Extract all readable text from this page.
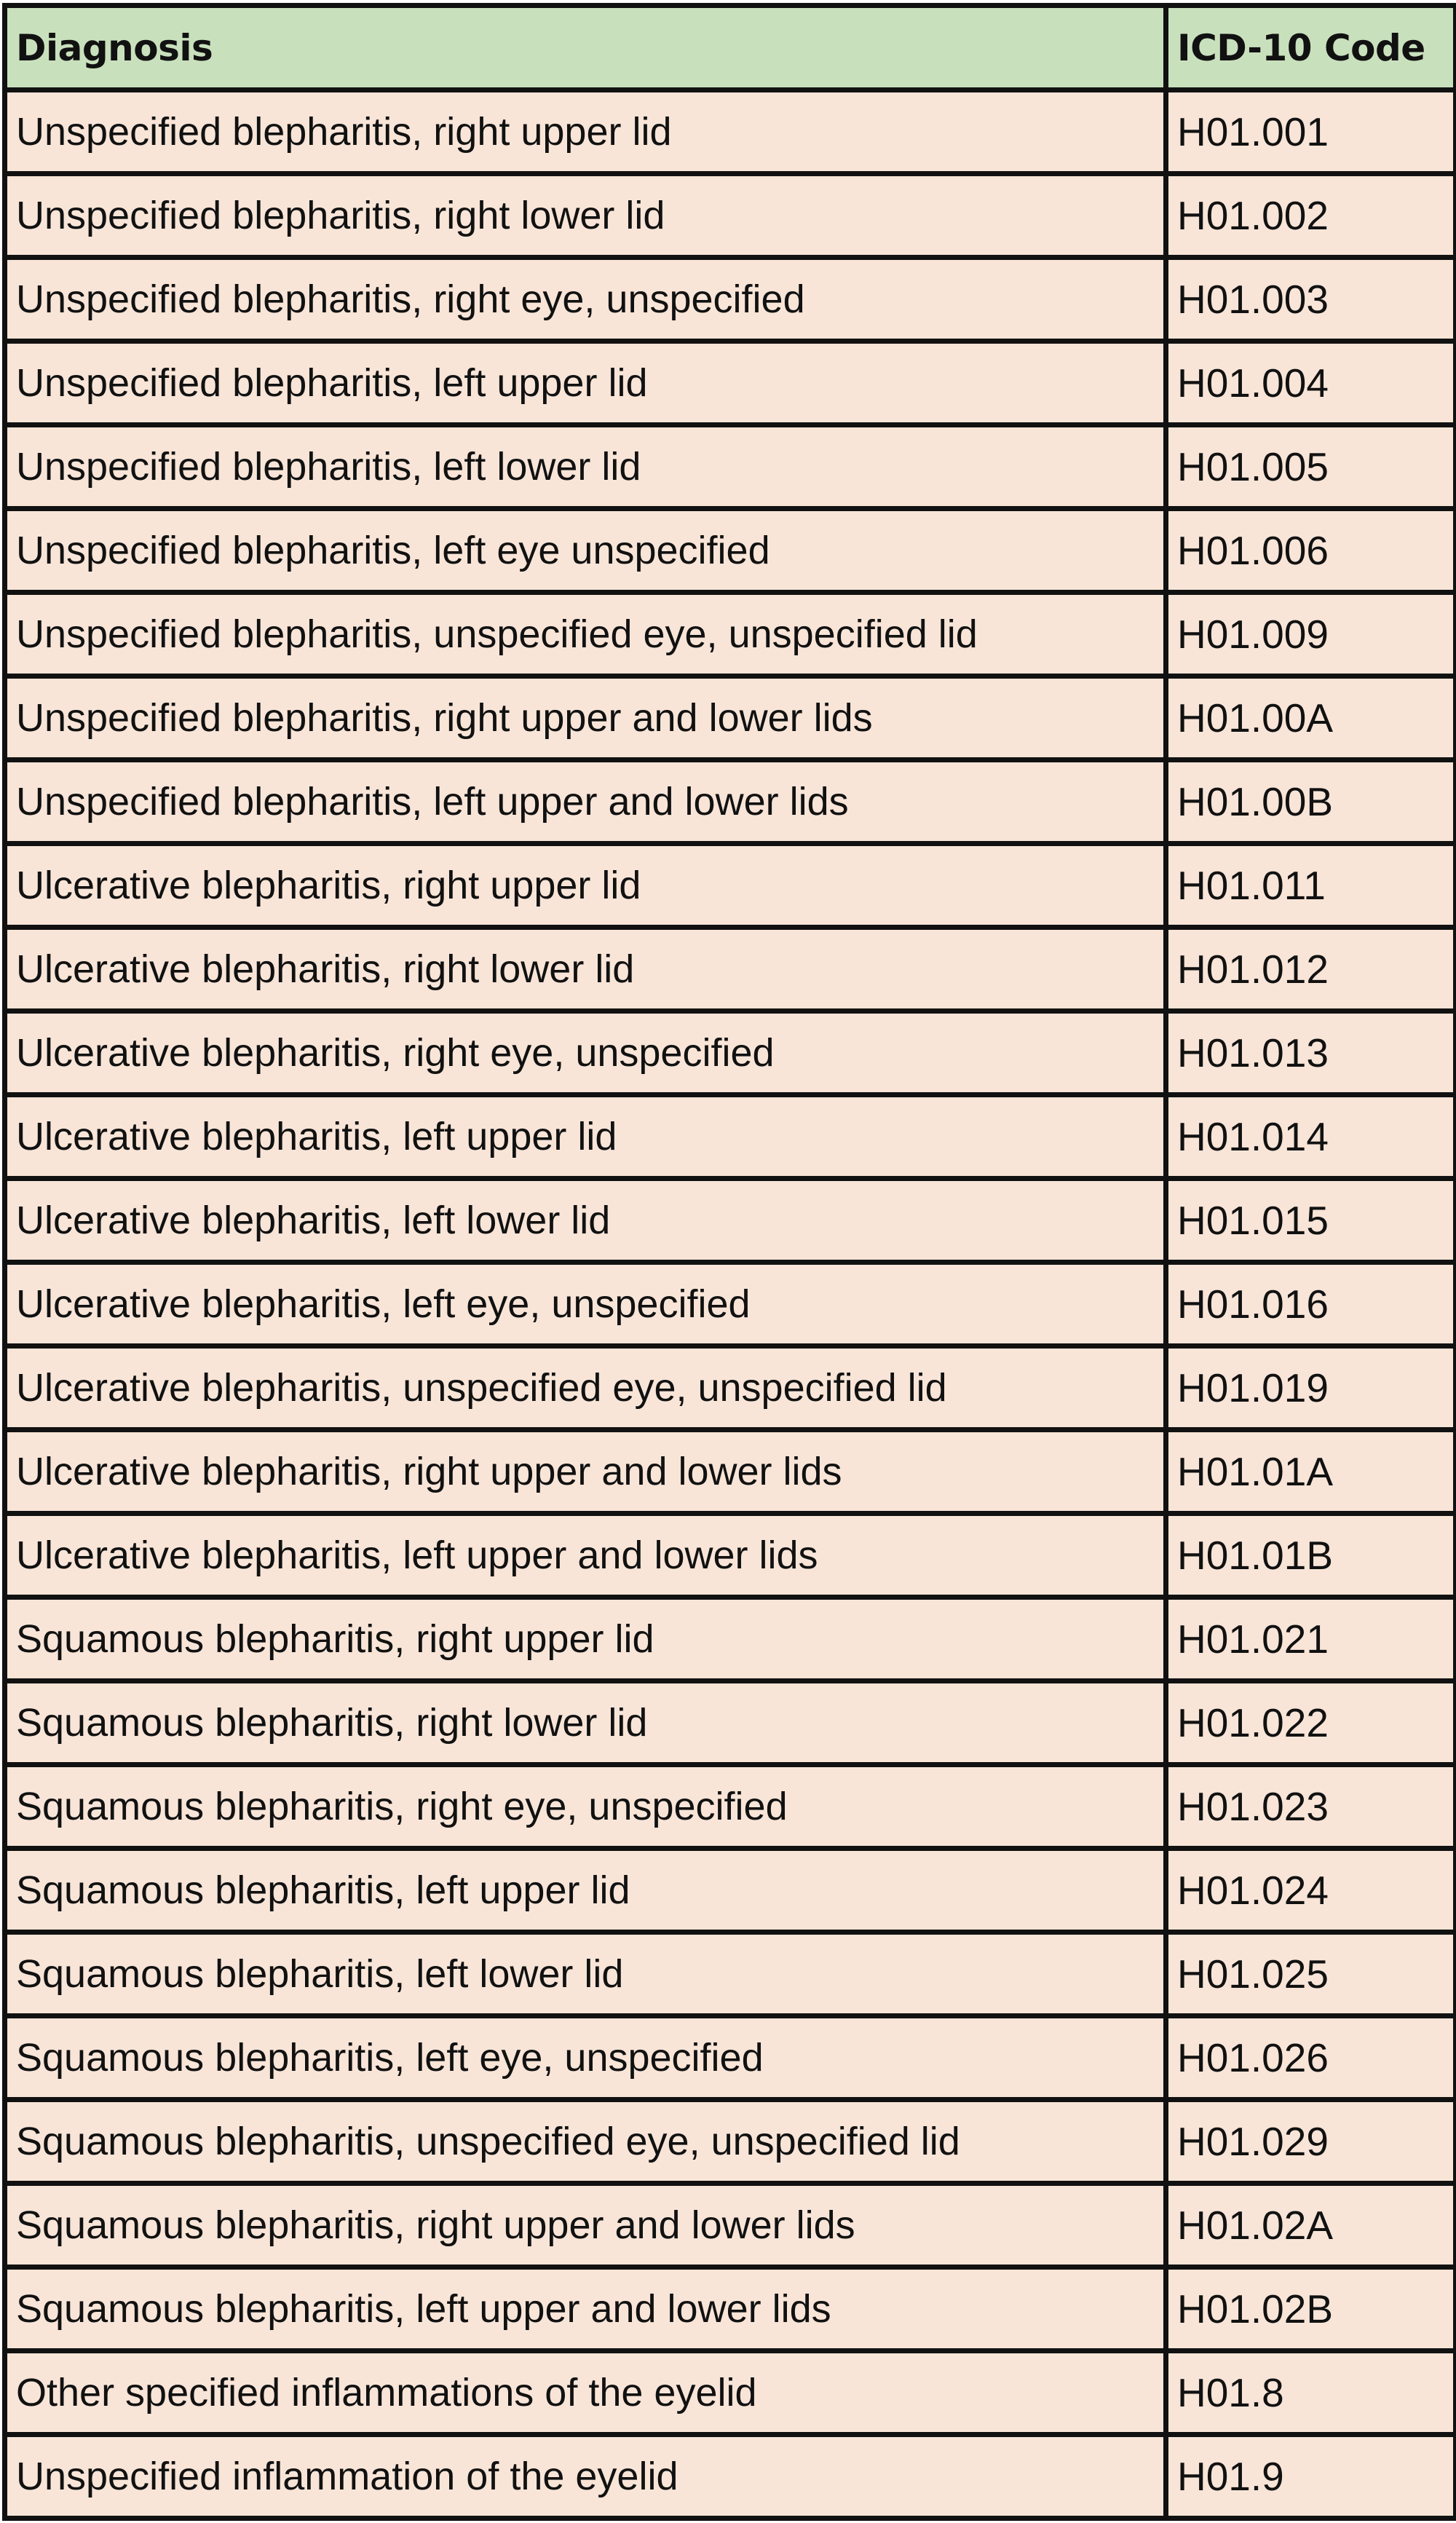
Diagnosis	ICD-10 Code
Unspecified blepharitis, right upper lid	H01.001
Unspecified blepharitis, right lower lid	H01.002
Unspecified blepharitis, right eye, unspecified	H01.003
Unspecified blepharitis, left upper lid	H01.004
Unspecified blepharitis, left lower lid	H01.005
Unspecified blepharitis, left eye unspecified	H01.006
Unspecified blepharitis, unspecified eye, unspecified lid	H01.009
Unspecified blepharitis, right upper and lower lids	H01.00A
Unspecified blepharitis, left upper and lower lids	H01.00B
Ulcerative blepharitis, right upper lid	H01.011
Ulcerative blepharitis, right lower lid	H01.012
Ulcerative blepharitis, right eye, unspecified	H01.013
Ulcerative blepharitis, left upper lid	H01.014
Ulcerative blepharitis, left lower lid	H01.015
Ulcerative blepharitis, left eye, unspecified	H01.016
Ulcerative blepharitis, unspecified eye, unspecified lid	H01.019
Ulcerative blepharitis, right upper and lower lids	H01.01A
Ulcerative blepharitis, left upper and lower lids	H01.01B
Squamous blepharitis, right upper lid	H01.021
Squamous blepharitis, right lower lid	H01.022
Squamous blepharitis, right eye, unspecified	H01.023
Squamous blepharitis, left upper lid	H01.024
Squamous blepharitis, left lower lid	H01.025
Squamous blepharitis, left eye, unspecified	H01.026
Squamous blepharitis, unspecified eye, unspecified lid	H01.029
Squamous blepharitis, right upper and lower lids	H01.02A
Squamous blepharitis, left upper and lower lids	H01.02B
Other specified inflammations of the eyelid	H01.8
Unspecified inflammation of the eyelid	H01.9
